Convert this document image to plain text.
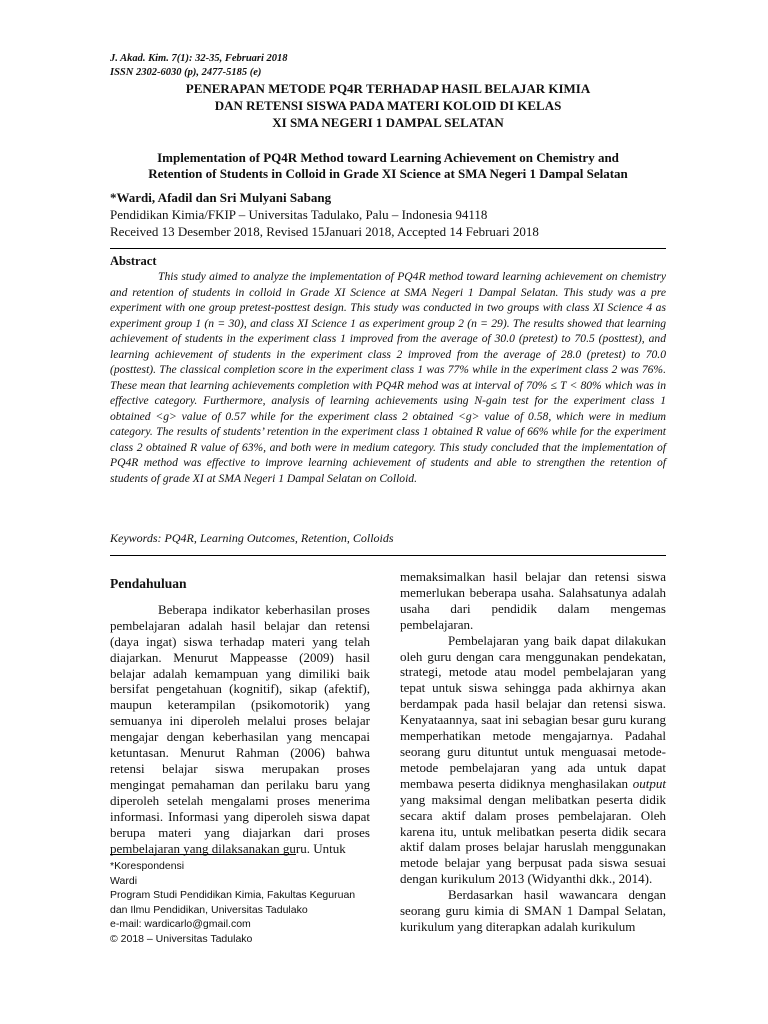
J. Akad. Kim. 7(1): 32-35, Februari 2018
ISSN 2302-6030 (p), 2477-5185 (e)
PENERAPAN METODE PQ4R TERHADAP HASIL BELAJAR KIMIA
DAN RETENSI SISWA PADA MATERI KOLOID DI KELAS
XI SMA NEGERI 1 DAMPAL SELATAN
Implementation of PQ4R Method toward Learning Achievement on Chemistry and
Retention of Students in Colloid in Grade XI Science at SMA Negeri 1 Dampal Selatan
*Wardi, Afadil dan Sri Mulyani Sabang
Pendidikan Kimia/FKIP – Universitas Tadulako, Palu – Indonesia 94118
Received 13 Desember 2018, Revised 15Januari 2018, Accepted 14 Februari 2018
Abstract

This study aimed to analyze the implementation of PQ4R method toward learning achievement on chemistry and retention of students in colloid in Grade XI Science at SMA Negeri 1 Dampal Selatan. This study was a pre experiment with one group pretest-posttest design. This study was conducted in two groups with class XI Science 4 as experiment group 1 (n = 30), and class XI Science 1 as experiment group 2 (n = 29). The results showed that learning achievement of students in the experiment class 1 improved from the average of 30.0 (pretest) to 70.5 (posttest), and learning achievement of students in the experiment class 2 improved from the average of 28.0 (pretest) to 70.0 (posttest). The classical completion score in the experiment class 1 was 77% while in the experiment class 2 was 76%. These mean that learning achievements completion with PQ4R mehod was at interval of 70% ≤ T < 80% which was in effective category. Furthermore, analysis of learning achievements using N-gain test for the experiment class 1 obtained <g> value of 0.57 while for the experiment class 2 obtained <g> value of 0.58, which were in medium category. The results of students’ retention in the experiment class 1 obtained R value of 66% while for the experiment class 2 obtained R value of 63%, and both were in medium category. This study concluded that the implementation of PQ4R method was effective to improve learning achievement of students and able to strengthen the retention of students of grade XI at SMA Negeri 1 Dampal Selatan on Colloid.

Keywords: PQ4R, Learning Outcomes, Retention, Colloids
Pendahuluan

Beberapa indikator keberhasilan proses pembelajaran adalah hasil belajar dan retensi (daya ingat) siswa terhadap materi yang telah diajarkan. Menurut Mappeasse (2009) hasil belajar adalah kemampuan yang dimiliki baik bersifat pengetahuan (kognitif), sikap (afektif), maupun keterampilan (psikomotorik) yang semuanya ini diperoleh melalui proses belajar mengajar dengan keberhasilan yang mencapai ketuntasan. Menurut Rahman (2006) bahwa retensi belajar siswa merupakan proses mengingat pemahaman dan perilaku baru yang diperoleh setelah mengalami proses menerima informasi. Informasi yang diperoleh siswa dapat berupa materi yang diajarkan dari proses pembelajaran yang dilaksanakan guru. Untuk

memaksimalkan hasil belajar dan retensi siswa memerlukan beberapa usaha. Salahsatunya adalah usaha dari pendidik dalam mengemas pembelajaran.

Pembelajaran yang baik dapat dilakukan oleh guru dengan cara menggunakan pendekatan, strategi, metode atau model pembelajaran yang tepat untuk siswa sehingga pada akhirnya akan berdampak pada hasil belajar dan retensi siswa. Kenyataannya, saat ini sebagian besar guru kurang memperhatikan metode mengajarnya. Padahal seorang guru dituntut untuk menguasai metode-metode pembelajaran yang ada untuk dapat membawa peserta didiknya menghasilakan output yang maksimal dengan melibatkan peserta didik secara aktif dalam proses pembelajaran. Oleh karena itu, untuk melibatkan peserta didik secara aktif dalam proses belajar haruslah menggunakan metode belajar yang berpusat pada siswa sesuai dengan kurikulum 2013 (Widyanthi dkk., 2014).

Berdasarkan hasil wawancara dengan seorang guru kimia di SMAN 1 Dampal Selatan, kurikulum yang diterapkan adalah kurikulum

*Korespondensi
Wardi
Program Studi Pendidikan Kimia, Fakultas Keguruan
dan Ilmu Pendidikan, Universitas Tadulako
e-mail: wardicarlo@gmail.com
© 2018 – Universitas Tadulako
